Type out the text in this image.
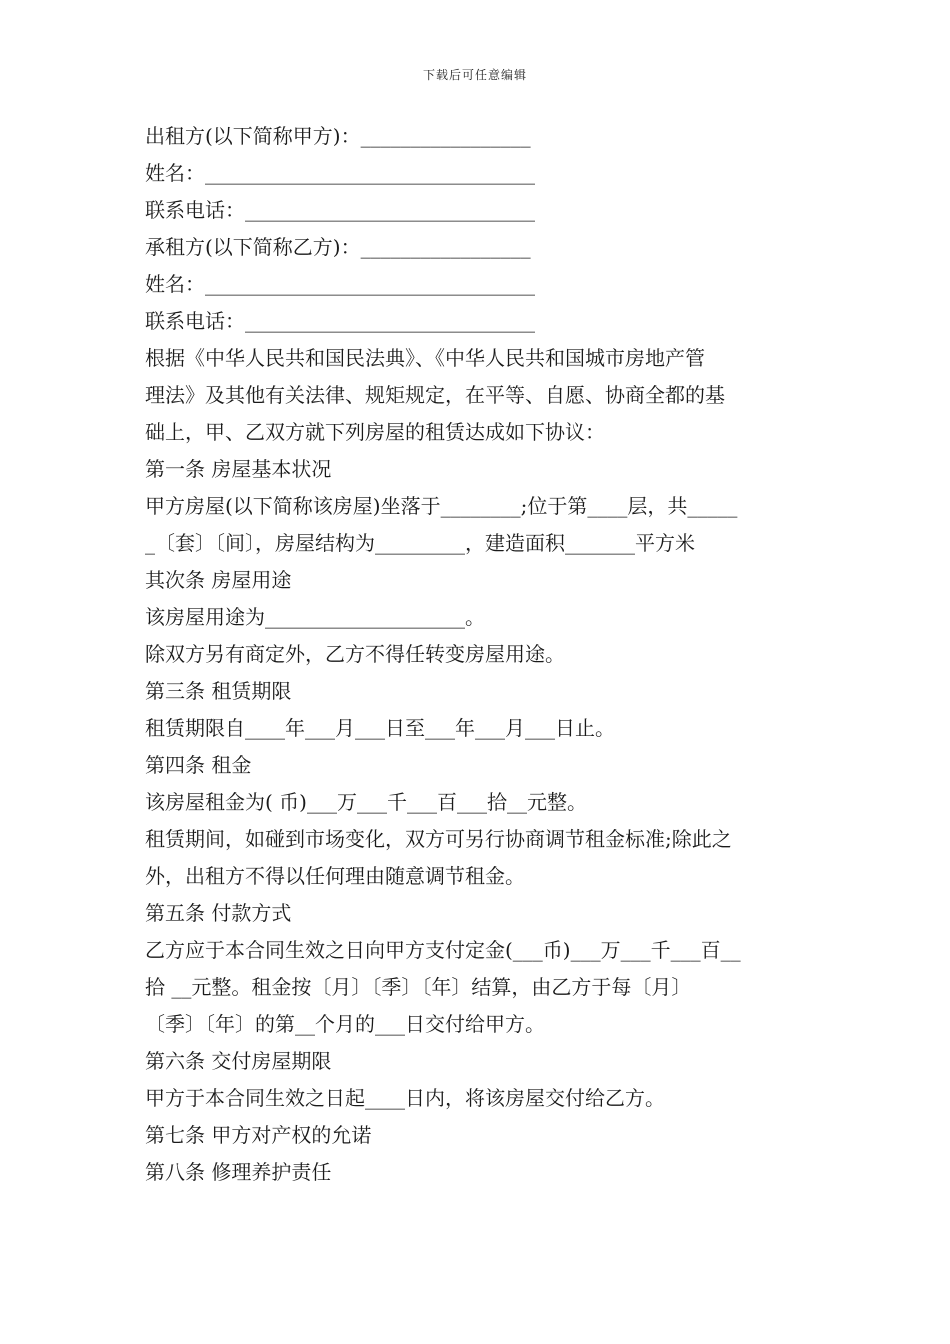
下载后可任意编辑
出租方(以下简称甲方)：_________________
姓名：_________________________________
联系电话：_____________________________
承租方(以下简称乙方)：_________________
姓名：_________________________________
联系电话：_____________________________
根据《中华人民共和国民法典》、《中华人民共和国城市房地产管
理法》及其他有关法律、规矩规定，在平等、自愿、协商全都的基
础上，甲、乙双方就下列房屋的租赁达成如下协议：
第一条 房屋基本状况
甲方房屋(以下简称该房屋)坐落于________;位于第____层，共_____
_〔套〕〔间〕，房屋结构为_________，建造面积_______平方米
其次条 房屋用途
该房屋用途为____________________。
除双方另有商定外，乙方不得任转变房屋用途。
第三条 租赁期限
租赁期限自____年___月___日至___年___月___日止。
第四条 租金
该房屋租金为( 币)___万___千___百___拾__元整。
租赁期间，如碰到市场变化，双方可另行协商调节租金标准;除此之
外，出租方不得以任何理由随意调节租金。
第五条 付款方式
乙方应于本合同生效之日向甲方支付定金(___币)___万___千___百__
拾 __元整。租金按〔月〕〔季〕〔年〕结算，由乙方于每〔月〕
〔季〕〔年〕的第__个月的___日交付给甲方。
第六条 交付房屋期限
甲方于本合同生效之日起____日内，将该房屋交付给乙方。
第七条 甲方对产权的允诺
第八条 修理养护责任
